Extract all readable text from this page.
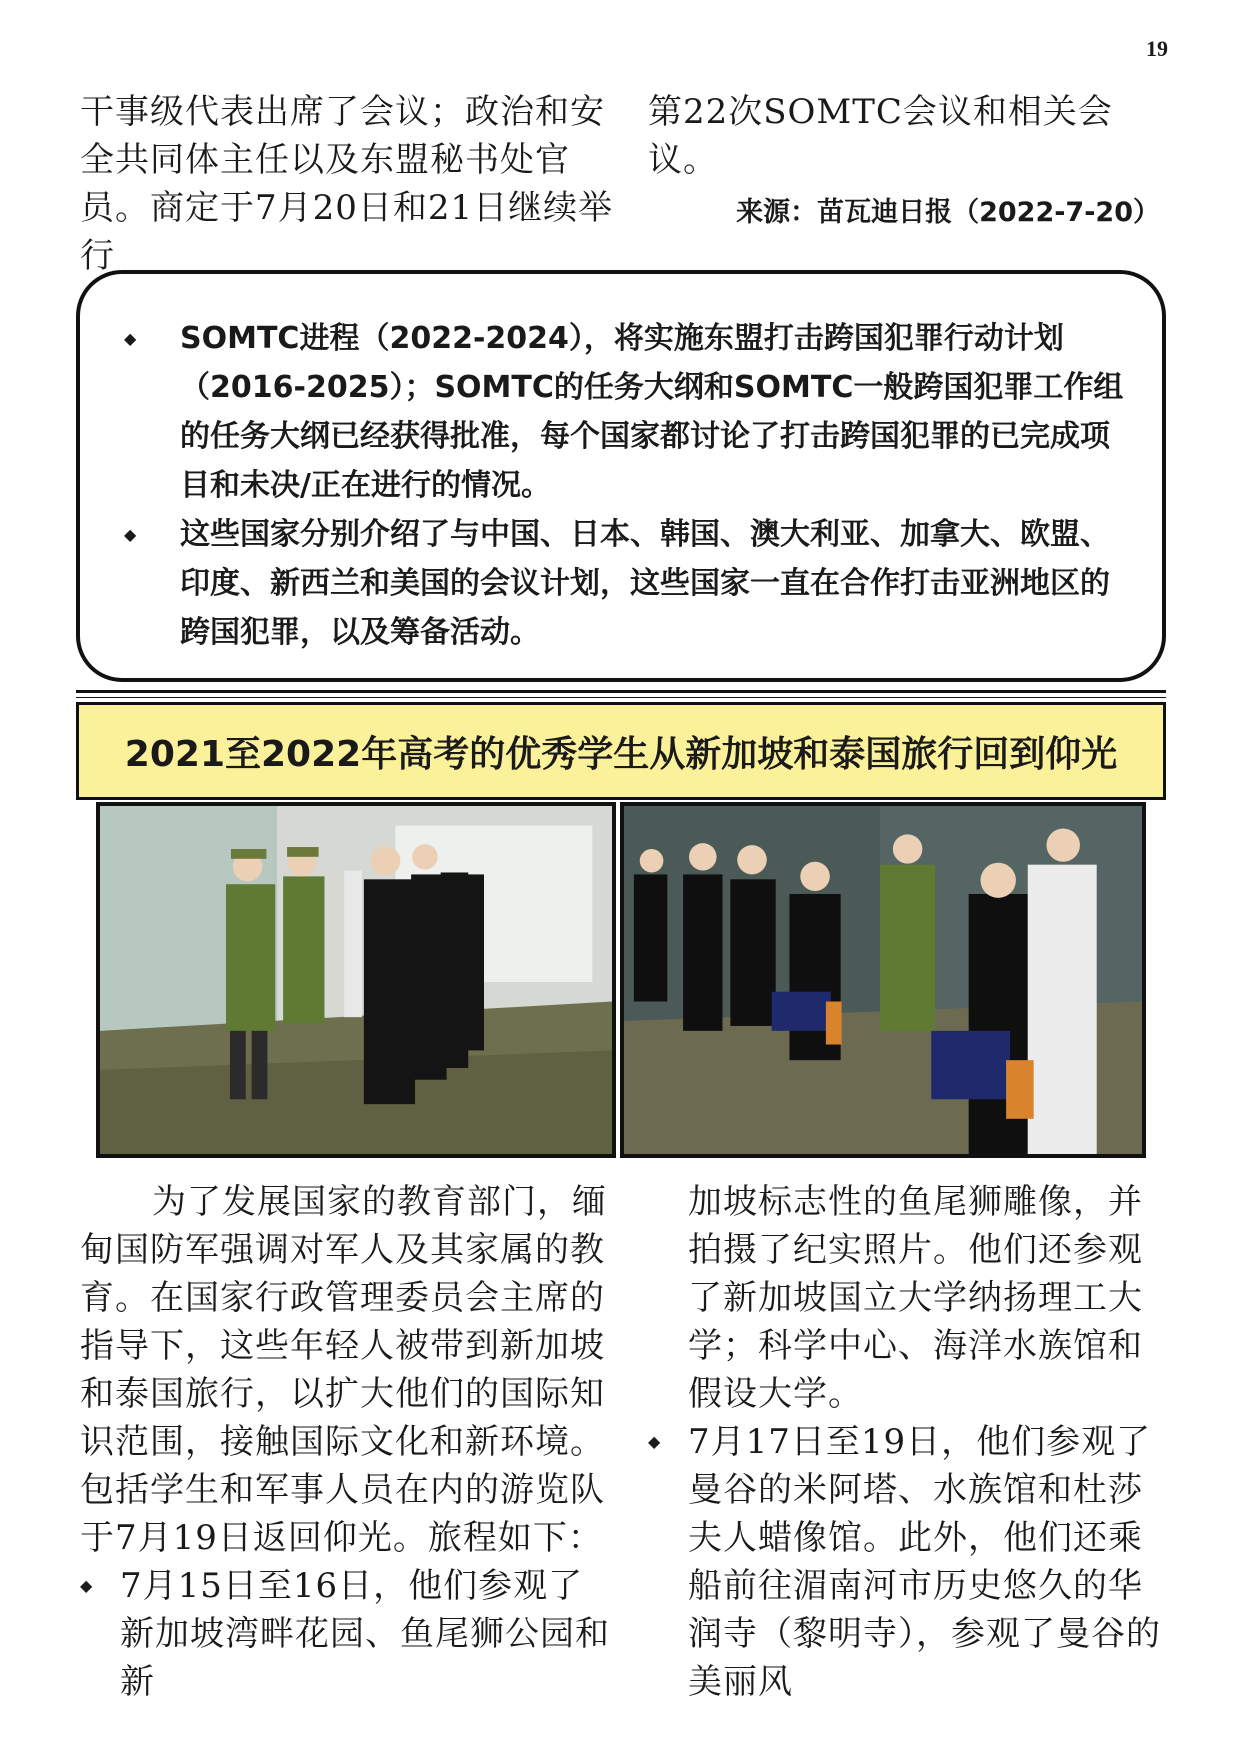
19
干事级代表出席了会议；政治和安全共同体主任以及东盟秘书处官员。商定于7月20日和21日继续举行
第22次SOMTC会议和相关会议。
来源：苗瓦迪日报（2022-7-20）
◆ SOMTC进程（2022-2024），将实施东盟打击跨国犯罪行动计划（2016-2025）；SOMTC的任务大纲和SOMTC一般跨国犯罪工作组的任务大纲已经获得批准，每个国家都讨论了打击跨国犯罪的已完成项目和未决/正在进行的情况。
◆ 这些国家分别介绍了与中国、日本、韩国、澳大利亚、加拿大、欧盟、印度、新西兰和美国的会议计划，这些国家一直在合作打击亚洲地区的跨国犯罪，以及筹备活动。
2021至2022年高考的优秀学生从新加坡和泰国旅行回到仰光
为了发展国家的教育部门，缅甸国防军强调对军人及其家属的教育。在国家行政管理委员会主席的指导下，这些年轻人被带到新加坡和泰国旅行，以扩大他们的国际知识范围，接触国际文化和新环境。包括学生和军事人员在内的游览队于7月19日返回仰光。旅程如下：
◆ 7月15日至16日，他们参观了新加坡湾畔花园、鱼尾狮公园和新
加坡标志性的鱼尾狮雕像，并拍摄了纪实照片。他们还参观了新加坡国立大学纳扬理工大学；科学中心、海洋水族馆和假设大学。
◆ 7月17日至19日，他们参观了曼谷的米阿塔、水族馆和杜莎夫人蜡像馆。此外，他们还乘船前往湄南河市历史悠久的华润寺（黎明寺），参观了曼谷的美丽风
